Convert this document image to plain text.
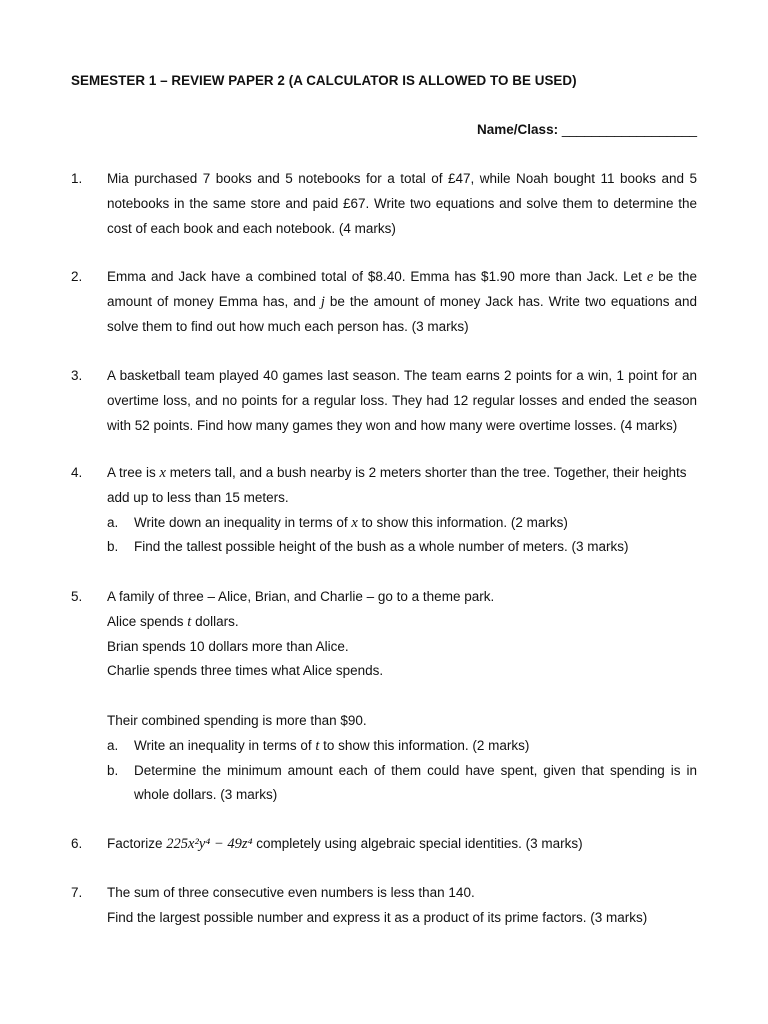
SEMESTER 1 – REVIEW PAPER 2 (A CALCULATOR IS ALLOWED TO BE USED)
Name/Class: __________________
1. Mia purchased 7 books and 5 notebooks for a total of £47, while Noah bought 11 books and 5 notebooks in the same store and paid £67. Write two equations and solve them to determine the cost of each book and each notebook. (4 marks)
2. Emma and Jack have a combined total of $8.40. Emma has $1.90 more than Jack. Let e be the amount of money Emma has, and j be the amount of money Jack has. Write two equations and solve them to find out how much each person has. (3 marks)
3. A basketball team played 40 games last season. The team earns 2 points for a win, 1 point for an overtime loss, and no points for a regular loss. They had 12 regular losses and ended the season with 52 points. Find how many games they won and how many were overtime losses. (4 marks)
4. A tree is x meters tall, and a bush nearby is 2 meters shorter than the tree. Together, their heights add up to less than 15 meters.
a. Write down an inequality in terms of x to show this information. (2 marks)
b. Find the tallest possible height of the bush as a whole number of meters. (3 marks)
5. A family of three – Alice, Brian, and Charlie – go to a theme park.
Alice spends t dollars.
Brian spends 10 dollars more than Alice.
Charlie spends three times what Alice spends.
Their combined spending is more than $90.
a. Write an inequality in terms of t to show this information. (2 marks)
b. Determine the minimum amount each of them could have spent, given that spending is in whole dollars. (3 marks)
6. Factorize 225x²y⁴ − 49z⁴ completely using algebraic special identities. (3 marks)
7. The sum of three consecutive even numbers is less than 140.
Find the largest possible number and express it as a product of its prime factors. (3 marks)
